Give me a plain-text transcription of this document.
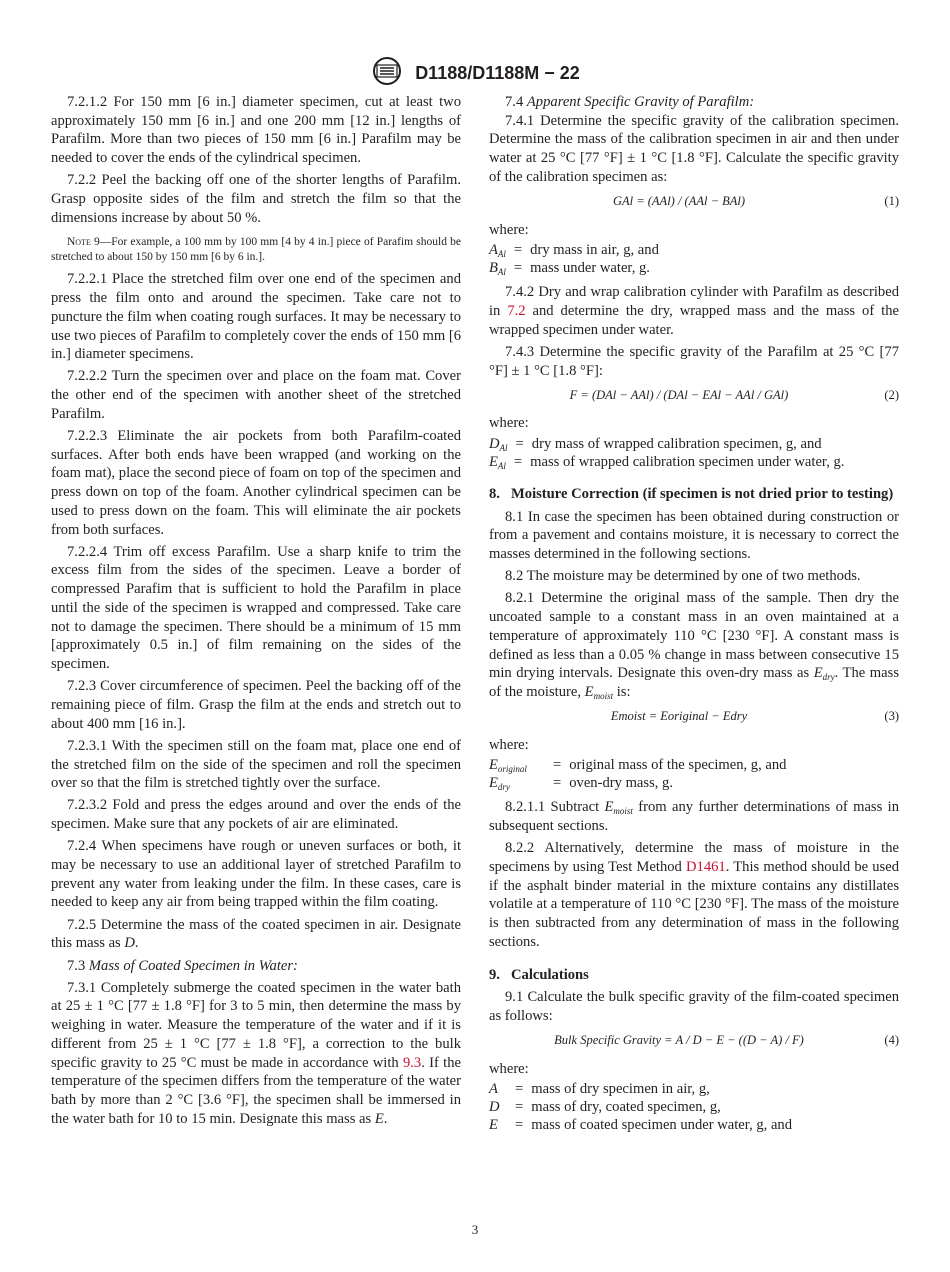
D1188/D1188M − 22

7.2.1.2 For 150 mm [6 in.] diameter specimen, cut at least two approximately 150 mm [6 in.] and one 200 mm [12 in.] lengths of Parafilm. More than two pieces of 150 mm [6 in.] Parafilm may be needed to cover the ends of the cylindrical specimen.

7.2.2 Peel the backing off one of the shorter lengths of Parafilm. Grasp opposite sides of the film and stretch the film so that the dimensions increase by about 50 %.

Note 9—For example, a 100 mm by 100 mm [4 by 4 in.] piece of Parafim should be stretched to about 150 by 150 mm [6 by 6 in.].

7.2.2.1 Place the stretched film over one end of the specimen and press the film onto and around the specimen. Take care not to puncture the film when coating rough surfaces. It may be necessary to use two pieces of Parafilm to completely cover the ends of 150 mm [6 in.] diameter specimens.

7.2.2.2 Turn the specimen over and place on the foam mat. Cover the other end of the specimen with another sheet of the stretched Parafilm.

7.2.2.3 Eliminate the air pockets from both Parafilm-coated surfaces. After both ends have been wrapped (and working on the foam mat), place the second piece of foam on top of the specimen and press down on top of the foam. Another cylindrical specimen can be used to press down on the foam. This will eliminate the air pockets from both surfaces.

7.2.2.4 Trim off excess Parafilm. Use a sharp knife to trim the excess film from the sides of the specimen. Leave a border of compressed Parafim that is sufficient to hold the Parafilm in place until the side of the specimen is wrapped and compressed. Take care not to damage the specimen. There should be a minimum of 15 mm [approximately 0.5 in.] of film remaining on the sides of the specimen.

7.2.3 Cover circumference of specimen. Peel the backing off of the remaining piece of film. Grasp the film at the ends and stretch out to about 400 mm [16 in.].

7.2.3.1 With the specimen still on the foam mat, place one end of the stretched film on the side of the specimen and roll the specimen over so that the film is stretched tightly over the surface.

7.2.3.2 Fold and press the edges around and over the ends of the specimen. Make sure that any pockets of air are eliminated.

7.2.4 When specimens have rough or uneven surfaces or both, it may be necessary to use an additional layer of stretched Parafilm to prevent any water from leaking under the film. In these cases, care is needed to keep any air from being trapped within the film coating.

7.2.5 Determine the mass of the coated specimen in air. Designate this mass as D.

7.3 Mass of Coated Specimen in Water:

7.3.1 Completely submerge the coated specimen in the water bath at 25 ± 1 °C [77 ± 1.8 °F] for 3 to 5 min, then determine the mass by weighing in water. Measure the temperature of the water and if it is different from 25 ± 1 °C [77 ± 1.8 °F], a correction to the bulk specific gravity to 25 °C must be made in accordance with 9.3. If the temperature of the specimen differs from the temperature of the water bath by more than 2 °C [3.6 °F], the specimen shall be immersed in the water bath for 10 to 15 min. Designate this mass as E.

7.4 Apparent Specific Gravity of Parafilm:

7.4.1 Determine the specific gravity of the calibration specimen. Determine the mass of the calibration specimen in air and then under water at 25 °C [77 °F] ± 1 °C [1.8 °F]. Calculate the specific gravity of the calibration specimen as:

GAl = (AAl) / (AAl − BAl)	(1)
where:
$A_{Al}$ = dry mass in air, g, and
$B_{Al}$ = mass under water, g.

7.4.2 Dry and wrap calibration cylinder with Parafilm as described in 7.2 and determine the dry, wrapped mass and the mass of the wrapped specimen under water.

7.4.3 Determine the specific gravity of the Parafilm at 25 °C [77 °F] ± 1 °C [1.8 °F]:

F = (DAl − AAl) / (DAl − EAl − AAl / GAl)	(2)
where:
$D_{Al}$ = dry mass of wrapped calibration specimen, g, and
$E_{Al}$ = mass of wrapped calibration specimen under water, g.
8. Moisture Correction (if specimen is not dried prior to testing)

8.1 In case the specimen has been obtained during construction or from a pavement and contains moisture, it is necessary to correct the masses determined in the following sections.

8.2 The moisture may be determined by one of two methods.

8.2.1 Determine the original mass of the sample. Then dry the uncoated sample to a constant mass in an oven maintained at a temperature of approximately 110 °C [230 °F]. A constant mass is defined as less than a 0.05 % change in mass between consecutive 15 min drying intervals. Designate this oven-dry mass as $E_{dry}$. The mass of the moisture, $E_{moist}$ is:

Emoist = Eoriginal − Edry	(3)
where:
$E_{original}$	= original mass of the specimen, g, and
$E_{dry}$	= oven-dry mass, g.

8.2.1.1 Subtract $E_{moist}$ from any further determinations of mass in subsequent sections.

8.2.2 Alternatively, determine the mass of moisture in the specimens by using Test Method D1461. This method should be used if the asphalt binder material in the mixture contains any distillates volatile at a temperature of 110 °C [230 °F]. The mass of the moisture is then subtracted from any determination of mass in the following sections.

9. Calculations

9.1 Calculate the bulk specific gravity of the film-coated specimen as follows:

Bulk Specific Gravity = A / D − E − ((D − A) / F)	(4)
where:
A	= mass of dry specimen in air, g,
D	= mass of dry, coated specimen, g,
E	= mass of coated specimen under water, g, and
3
